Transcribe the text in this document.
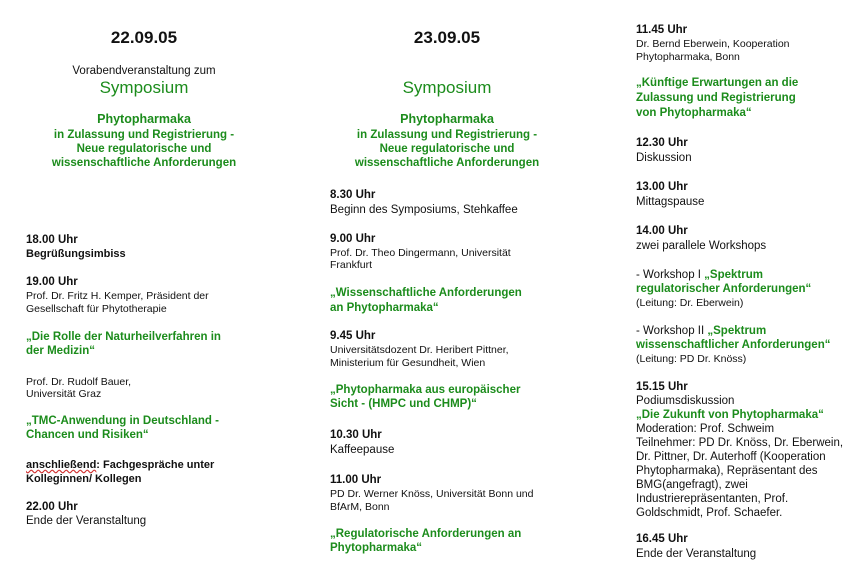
22.09.05

Vorabendveranstaltung zum

Symposium

Phytopharmaka

in Zulassung und Registrierung -

Neue regulatorische und

wissenschaftliche Anforderungen

18.00 Uhr

Begrüßungsimbiss

19.00 Uhr

Prof. Dr. Fritz H. Kemper, Präsident der

Gesellschaft für Phytotherapie

„Die Rolle der Naturheilverfahren in

der Medizin“

Prof. Dr. Rudolf Bauer,

Universität Graz

„TMC-Anwendung in Deutschland -

Chancen und Risiken“

anschließend: Fachgespräche unter

Kolleginnen/ Kollegen

22.00 Uhr

Ende der Veranstaltung

23.09.05

Symposium

Phytopharmaka

in Zulassung und Registrierung -

Neue regulatorische und

wissenschaftliche Anforderungen

8.30 Uhr

Beginn des Symposiums, Stehkaffee

9.00 Uhr

Prof. Dr. Theo Dingermann, Universität

Frankfurt

„Wissenschaftliche Anforderungen

an Phytopharmaka“

9.45 Uhr

Universitätsdozent Dr. Heribert Pittner,

Ministerium für Gesundheit, Wien

„Phytopharmaka aus europäischer

Sicht - (HMPC und CHMP)“

10.30 Uhr

Kaffeepause

11.00 Uhr

PD Dr. Werner Knöss, Universität Bonn und

BfArM, Bonn

„Regulatorische Anforderungen an

Phytopharmaka“

11.45 Uhr

Dr. Bernd Eberwein, Kooperation

Phytopharmaka, Bonn

„Künftige Erwartungen an die

Zulassung und Registrierung

von Phytopharmaka“

12.30 Uhr

Diskussion

13.00 Uhr

Mittagspause

14.00 Uhr

zwei parallele Workshops

- Workshop I „Spektrum

regulatorischer Anforderungen“

(Leitung: Dr. Eberwein)

- Workshop II „Spektrum

wissenschaftlicher Anforderungen“

(Leitung: PD Dr. Knöss)

15.15 Uhr

Podiumsdiskussion

„Die Zukunft von Phytopharmaka“

Moderation: Prof. Schweim

Teilnehmer: PD Dr. Knöss, Dr. Eberwein,

Dr. Pittner, Dr. Auterhoff (Kooperation

Phytopharmaka), Repräsentant des

BMG(angefragt), zwei

Industrierepräsentanten, Prof.

Goldschmidt, Prof. Schaefer.

16.45 Uhr

Ende der Veranstaltung
